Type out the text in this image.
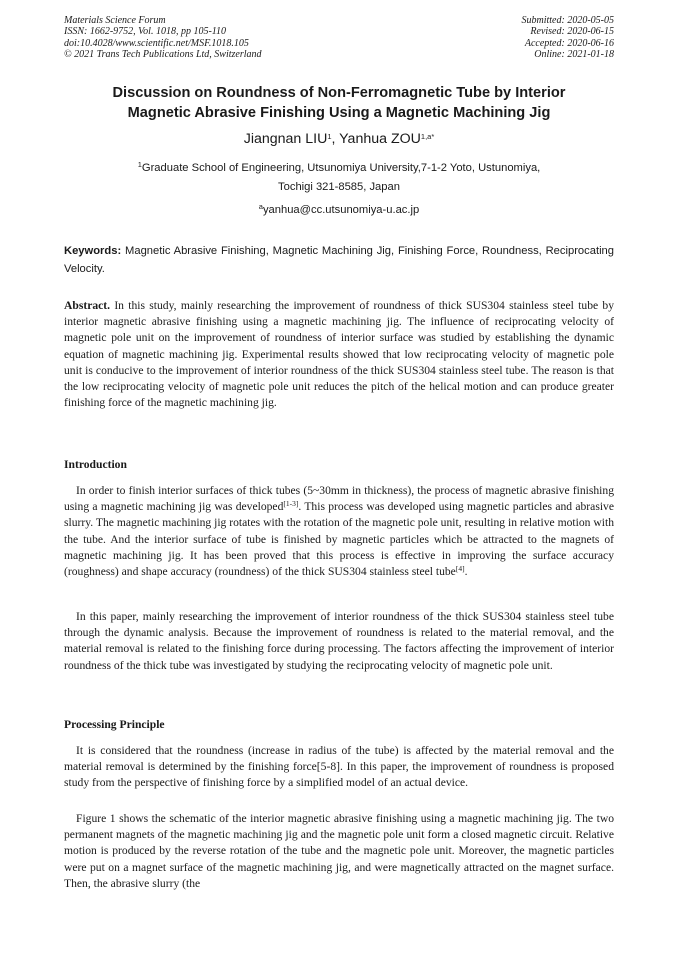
Materials Science Forum
ISSN: 1662-9752, Vol. 1018, pp 105-110
doi:10.4028/www.scientific.net/MSF.1018.105
© 2021 Trans Tech Publications Ltd, Switzerland
Submitted: 2020-05-05
Revised: 2020-06-15
Accepted: 2020-06-16
Online: 2021-01-18
Discussion on Roundness of Non-Ferromagnetic Tube by Interior
Magnetic Abrasive Finishing Using a Magnetic Machining Jig
Jiangnan LIU$^1$, Yanhua $ZOU^{1,a*}$
$^1$Graduate School of Engineering, Utsunomiya University,7-1-2 Yoto, Ustunomiya,
Tochigi 321-8585, Japan
$^a$yanhua@cc.utsunomiya-u.ac.jp
Keywords: Magnetic Abrasive Finishing, Magnetic Machining Jig, Finishing Force, Roundness, Reciprocating Velocity.
Abstract. In this study, mainly researching the improvement of roundness of thick SUS304 stainless steel tube by interior magnetic abrasive finishing using a magnetic machining jig. The influence of reciprocating velocity of magnetic pole unit on the improvement of roundness of interior surface was studied by establishing the dynamic equation of magnetic machining jig. Experimental results showed that low reciprocating velocity of magnetic pole unit is conducive to the improvement of interior roundness of the thick SUS304 stainless steel tube. The reason is that the low reciprocating velocity of magnetic pole unit reduces the pitch of the helical motion and can produce greater finishing force of the magnetic machining jig.
Introduction
In order to finish interior surfaces of thick tubes (5~30mm in thickness), the process of magnetic abrasive finishing using a magnetic machining jig was developed[1-3]. This process was developed using magnetic particles and abrasive slurry. The magnetic machining jig rotates with the rotation of the magnetic pole unit, resulting in relative motion with the tube. And the interior surface of tube is finished by magnetic particles which be attracted to the magnets of magnetic machining jig. It has been proved that this process is effective in improving the surface accuracy (roughness) and shape accuracy (roundness) of the thick SUS304 stainless steel tube[4].
In this paper, mainly researching the improvement of interior roundness of the thick SUS304 stainless steel tube through the dynamic analysis. Because the improvement of roundness is related to the material removal, and the material removal is related to the finishing force during processing. The factors affecting the improvement of interior roundness of the thick tube was investigated by studying the reciprocating velocity of magnetic pole unit.
Processing Principle
It is considered that the roundness (increase in radius of the tube) is affected by the material removal and the material removal is determined by the finishing force[5-8]. In this paper, the improvement of roundness is proposed study from the perspective of finishing force by a simplified model of an actual device.
Figure 1 shows the schematic of the interior magnetic abrasive finishing using a magnetic machining jig. The two permanent magnets of the magnetic machining jig and the magnetic pole unit form a closed magnetic circuit. Relative motion is produced by the reverse rotation of the tube and the magnetic pole unit. Moreover, the magnetic particles were put on a magnet surface of the magnetic machining jig, and were magnetically attracted on the magnet surface. Then, the abrasive slurry (the
